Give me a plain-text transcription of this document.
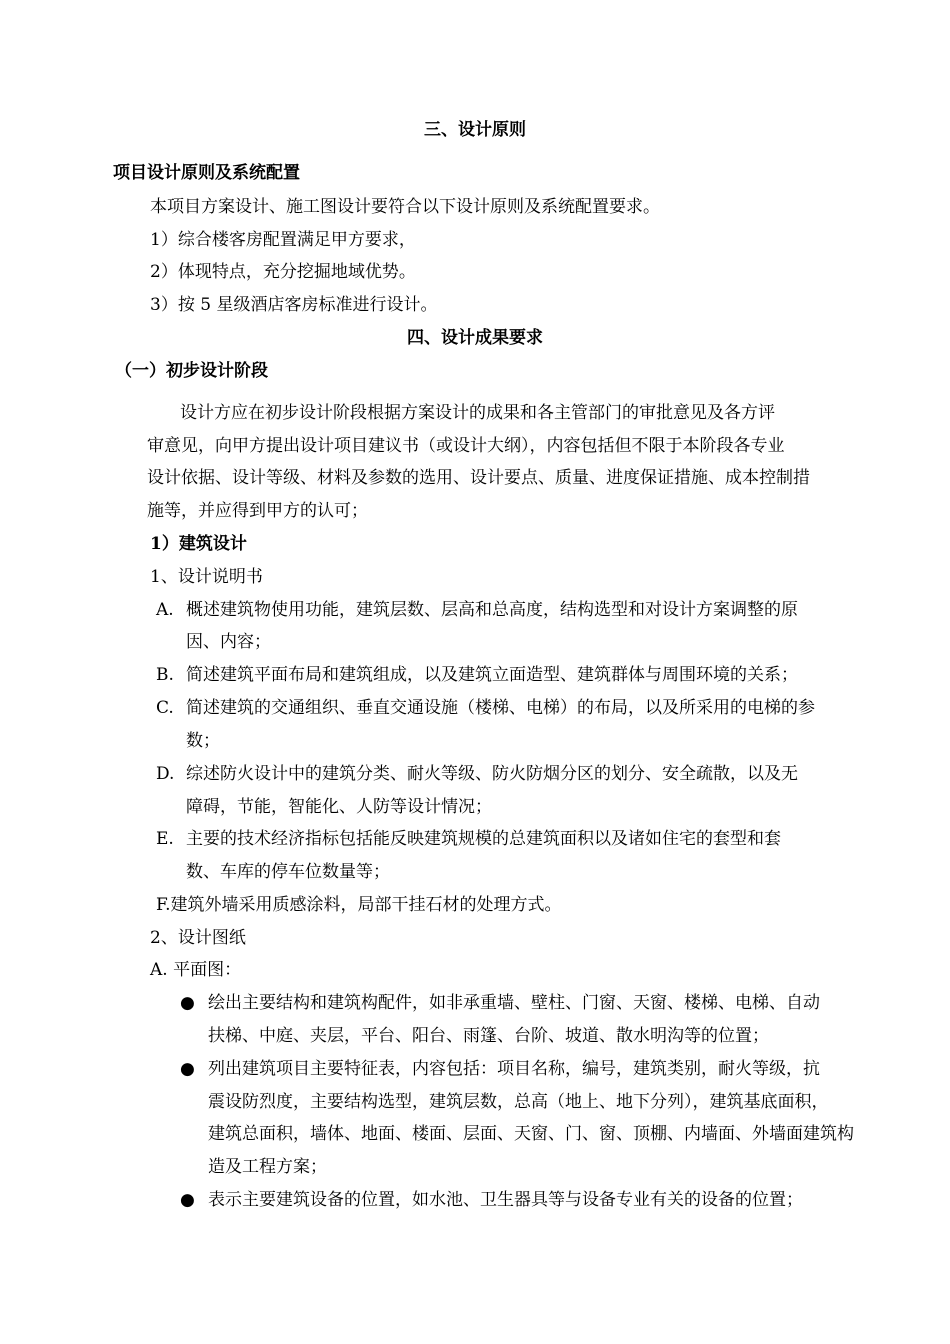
三、设计原则
项目设计原则及系统配置
本项目方案设计、施工图设计要符合以下设计原则及系统配置要求。
1）综合楼客房配置满足甲方要求，
2）体现特点，充分挖掘地域优势。
3）按 5 星级酒店客房标准进行设计。
四、设计成果要求
（一）初步设计阶段
设计方应在初步设计阶段根据方案设计的成果和各主管部门的审批意见及各方评
审意见，向甲方提出设计项目建议书（或设计大纲），内容包括但不限于本阶段各专业
设计依据、设计等级、材料及参数的选用、设计要点、质量、进度保证措施、成本控制措
施等，并应得到甲方的认可；
1）建筑设计
1、设计说明书
A. 概述建筑物使用功能，建筑层数、层高和总高度，结构选型和对设计方案调整的原
因、内容；
B. 简述建筑平面布局和建筑组成，以及建筑立面造型、建筑群体与周围环境的关系；
C. 简述建筑的交通组织、垂直交通设施（楼梯、电梯）的布局，以及所采用的电梯的参
数；
D. 综述防火设计中的建筑分类、耐火等级、防火防烟分区的划分、安全疏散，以及无
障碍，节能，智能化、人防等设计情况；
E. 主要的技术经济指标包括能反映建筑规模的总建筑面积以及诸如住宅的套型和套
数、车库的停车位数量等；
F.建筑外墙采用质感涂料，局部干挂石材的处理方式。
2、设计图纸
A. 平面图：
● 绘出主要结构和建筑构配件，如非承重墙、壁柱、门窗、天窗、楼梯、电梯、自动
扶梯、中庭、夹层，平台、阳台、雨篷、台阶、坡道、散水明沟等的位置；
● 列出建筑项目主要特征表，内容包括：项目名称，编号，建筑类别，耐火等级，抗
震设防烈度，主要结构选型，建筑层数，总高（地上、地下分列），建筑基底面积，
建筑总面积，墙体、地面、楼面、层面、天窗、门、窗、顶棚、内墙面、外墙面建筑构
造及工程方案；
● 表示主要建筑设备的位置，如水池、卫生器具等与设备专业有关的设备的位置；
